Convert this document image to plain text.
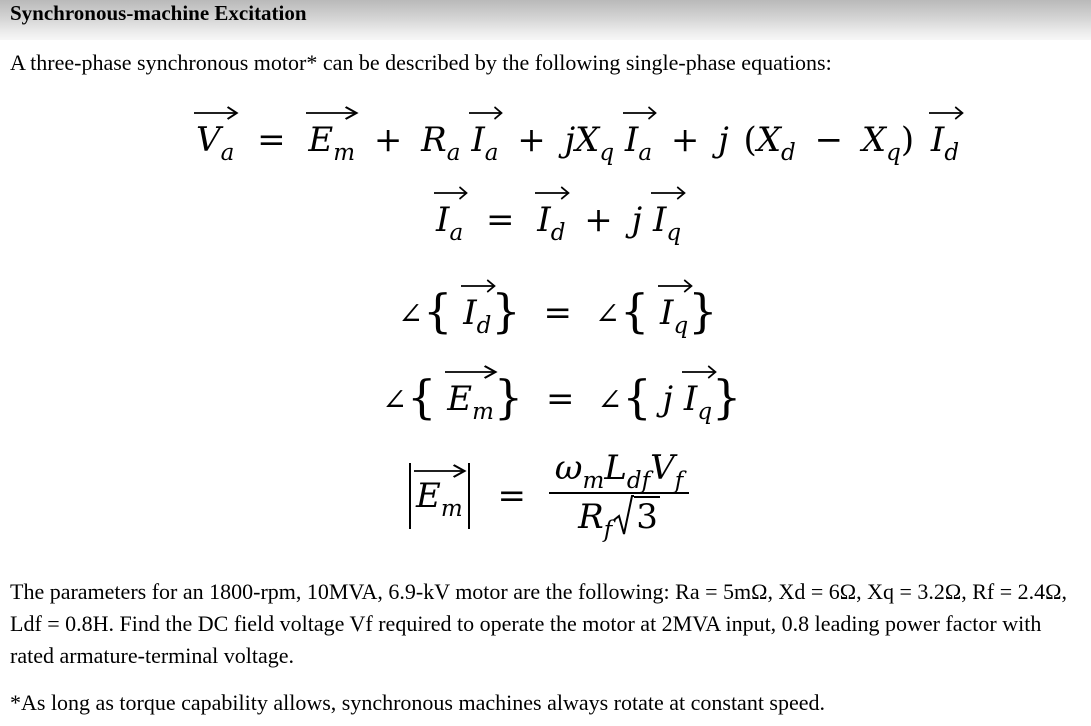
Synchronous-machine Excitation
A three-phase synchronous motor* can be described by the following single-phase equations:
$V_a = E_m + R_a$ $I_a + jX_q$ $I_a + j$ $(X_d - X_q)$ $I_d$
$I_a = I_d + j$ $I_q$
∠{ $I_d$} = ∠{ $I_q$}
∠{ $E_m$} = ∠{ j $I_q$}
$E_m = \frac{\omega_mL_{df}V_f}{R_f 3}$
The parameters for an 1800-rpm, 10MVA, 6.9-kV motor are the following: Ra = 5mΩ, Xd = 6Ω, Xq = 3.2Ω, Rf = 2.4Ω, Ldf = 0.8H. Find the DC field voltage Vf required to operate the motor at 2MVA input, 0.8 leading power factor with rated armature-terminal voltage.
*As long as torque capability allows, synchronous machines always rotate at constant speed.
